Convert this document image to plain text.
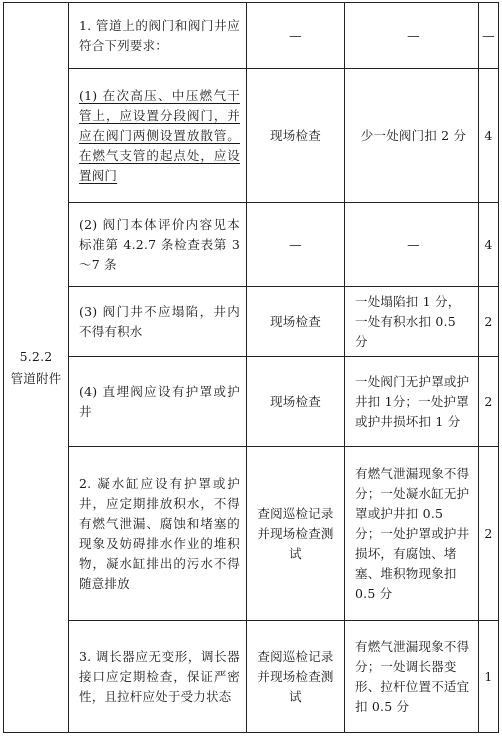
5.2.2
管道附件	1. 管道上的阀门和阀门井应符合下列要求：	—	—	—
	(1) 在次高压、中压燃气干管上，应设置分段阀门，并应在阀门两侧设置放散管。在燃气支管的起点处，应设置阀门	现场检查	少一处阀门扣 2 分	4
	(2) 阀门本体评价内容见本标准第 4.2.7 条检查表第 3～7 条	—	—	4
	(3) 阀门井不应塌陷，井内不得有积水	现场检查	一处塌陷扣 1 分，一处有积水扣 0.5 分	2
	(4) 直埋阀应设有护罩或护井	现场检查	一处阀门无护罩或护井扣 1分；一处护罩或护井损坏扣 1 分	2
	2. 凝水缸应设有护罩或护井，应定期排放积水，不得有燃气泄漏、腐蚀和堵塞的现象及妨碍排水作业的堆积物，凝水缸排出的污水不得随意排放	查阅巡检记录并现场检查测试	有燃气泄漏现象不得分；一处凝水缸无护罩或护井扣 0.5 分；一处护罩或护井损坏，有腐蚀、堵塞、堆积物现象扣 0.5 分	2
	3. 调长器应无变形，调长器接口应定期检查，保证严密性，且拉杆应处于受力状态	查阅巡检记录并现场检查测试	有燃气泄漏现象不得分；一处调长器变形、拉杆位置不适宜扣 0.5 分	1
